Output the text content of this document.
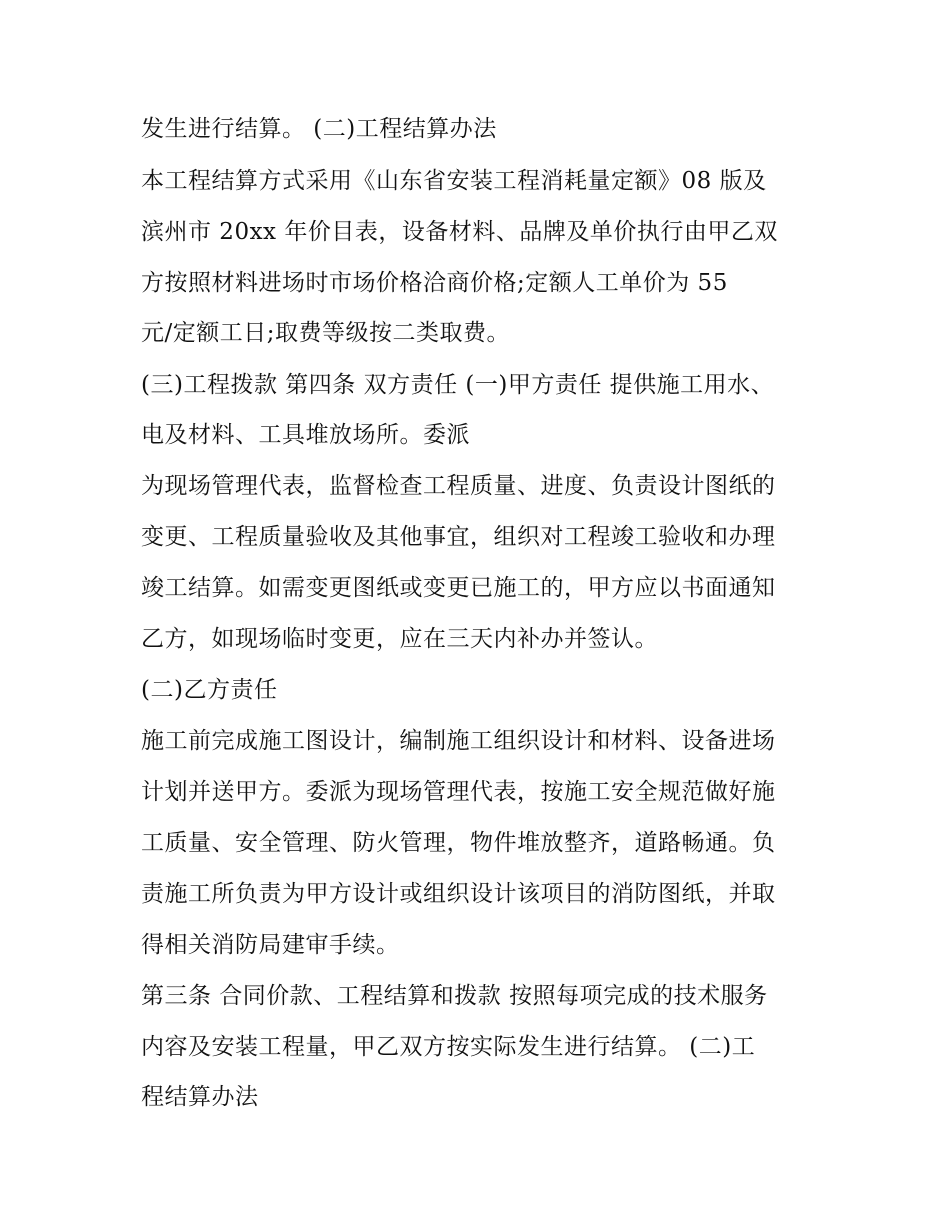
发生进行结算。 (二)工程结算办法

本工程结算方式采用《山东省安装工程消耗量定额》08 版及

滨州市 20xx 年价目表，设备材料、品牌及单价执行由甲乙双

方按照材料进场时市场价格洽商价格;定额人工单价为 55

元/定额工日;取费等级按二类取费。

(三)工程拨款 第四条 双方责任 (一)甲方责任 提供施工用水、

电及材料、工具堆放场所。委派

为现场管理代表，监督检查工程质量、进度、负责设计图纸的

变更、工程质量验收及其他事宜，组织对工程竣工验收和办理

竣工结算。如需变更图纸或变更已施工的，甲方应以书面通知

乙方，如现场临时变更，应在三天内补办并签认。

(二)乙方责任

施工前完成施工图设计，编制施工组织设计和材料、设备进场

计划并送甲方。委派为现场管理代表，按施工安全规范做好施

工质量、安全管理、防火管理，物件堆放整齐，道路畅通。负

责施工所负责为甲方设计或组织设计该项目的消防图纸，并取

得相关消防局建审手续。

第三条 合同价款、工程结算和拨款 按照每项完成的技术服务

内容及安装工程量，甲乙双方按实际发生进行结算。 (二)工

程结算办法
